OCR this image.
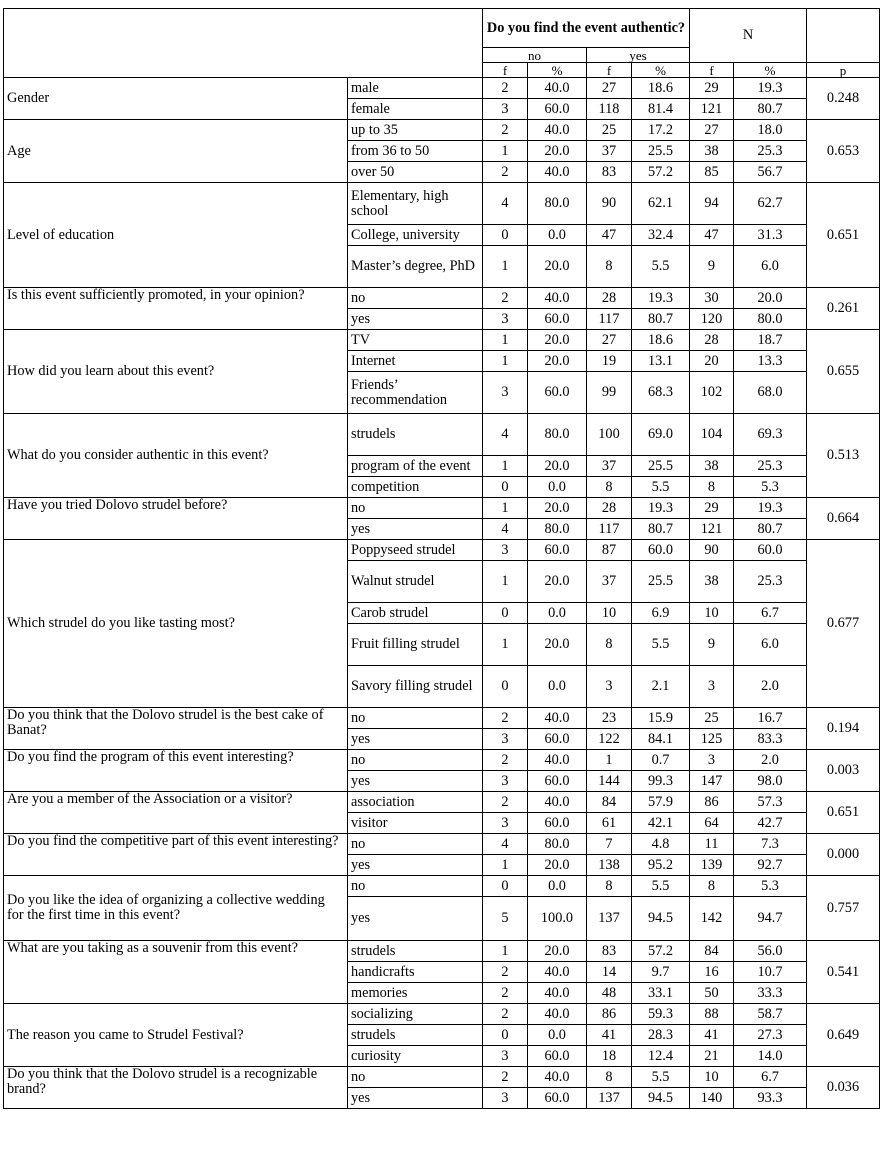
		Do you find the event authentic?				N		
		no		yes				
		f	%	f	%	f	%	p
Gender	male	2	40.0	27	18.6	29	19.3	0.248
	female	3	60.0	118	81.4	121	80.7	
Age	up to 35	2	40.0	25	17.2	27	18.0	0.653
	from 36 to 50	1	20.0	37	25.5	38	25.3	
	over 50	2	40.0	83	57.2	85	56.7	
Level of education	Elementary, high school	4	80.0	90	62.1	94	62.7	0.651
	College, university	0	0.0	47	32.4	47	31.3	
	Master’s degree, PhD	1	20.0	8	5.5	9	6.0	
Is this event sufficiently promoted, in your opinion?	no	2	40.0	28	19.3	30	20.0	0.261
	yes	3	60.0	117	80.7	120	80.0	
How did you learn about this event?	TV	1	20.0	27	18.6	28	18.7	0.655
	Internet	1	20.0	19	13.1	20	13.3	
	Friends’ recommendation	3	60.0	99	68.3	102	68.0	
What do you consider authentic in this event?	strudels	4	80.0	100	69.0	104	69.3	0.513
	program of the event	1	20.0	37	25.5	38	25.3	
	competition	0	0.0	8	5.5	8	5.3	
Have you tried Dolovo strudel before?	no	1	20.0	28	19.3	29	19.3	0.664
	yes	4	80.0	117	80.7	121	80.7	
Which strudel do you like tasting most?	Poppyseed strudel	3	60.0	87	60.0	90	60.0	0.677
	Walnut strudel	1	20.0	37	25.5	38	25.3	
	Carob strudel	0	0.0	10	6.9	10	6.7	
	Fruit filling strudel	1	20.0	8	5.5	9	6.0	
	Savory filling strudel	0	0.0	3	2.1	3	2.0	
Do you think that the Dolovo strudel is the best cake of Banat?	no	2	40.0	23	15.9	25	16.7	0.194
	yes	3	60.0	122	84.1	125	83.3	
Do you find the program of this event interesting?	no	2	40.0	1	0.7	3	2.0	0.003
	yes	3	60.0	144	99.3	147	98.0	
Are you a member of the Association or a visitor?	association	2	40.0	84	57.9	86	57.3	0.651
	visitor	3	60.0	61	42.1	64	42.7	
Do you find the competitive part of this event interesting?	no	4	80.0	7	4.8	11	7.3	0.000
	yes	1	20.0	138	95.2	139	92.7	
Do you like the idea of organizing a collective wedding for the first time in this event?	no	0	0.0	8	5.5	8	5.3	0.757
	yes	5	100.0	137	94.5	142	94.7	
What are you taking as a souvenir from this event?	strudels	1	20.0	83	57.2	84	56.0	0.541
	handicrafts	2	40.0	14	9.7	16	10.7	
	memories	2	40.0	48	33.1	50	33.3	
The reason you came to Strudel Festival?	socializing	2	40.0	86	59.3	88	58.7	0.649
	strudels	0	0.0	41	28.3	41	27.3	
	curiosity	3	60.0	18	12.4	21	14.0	
Do you think that the Dolovo strudel is a recognizable brand?	no	2	40.0	8	5.5	10	6.7	0.036
	yes	3	60.0	137	94.5	140	93.3	
